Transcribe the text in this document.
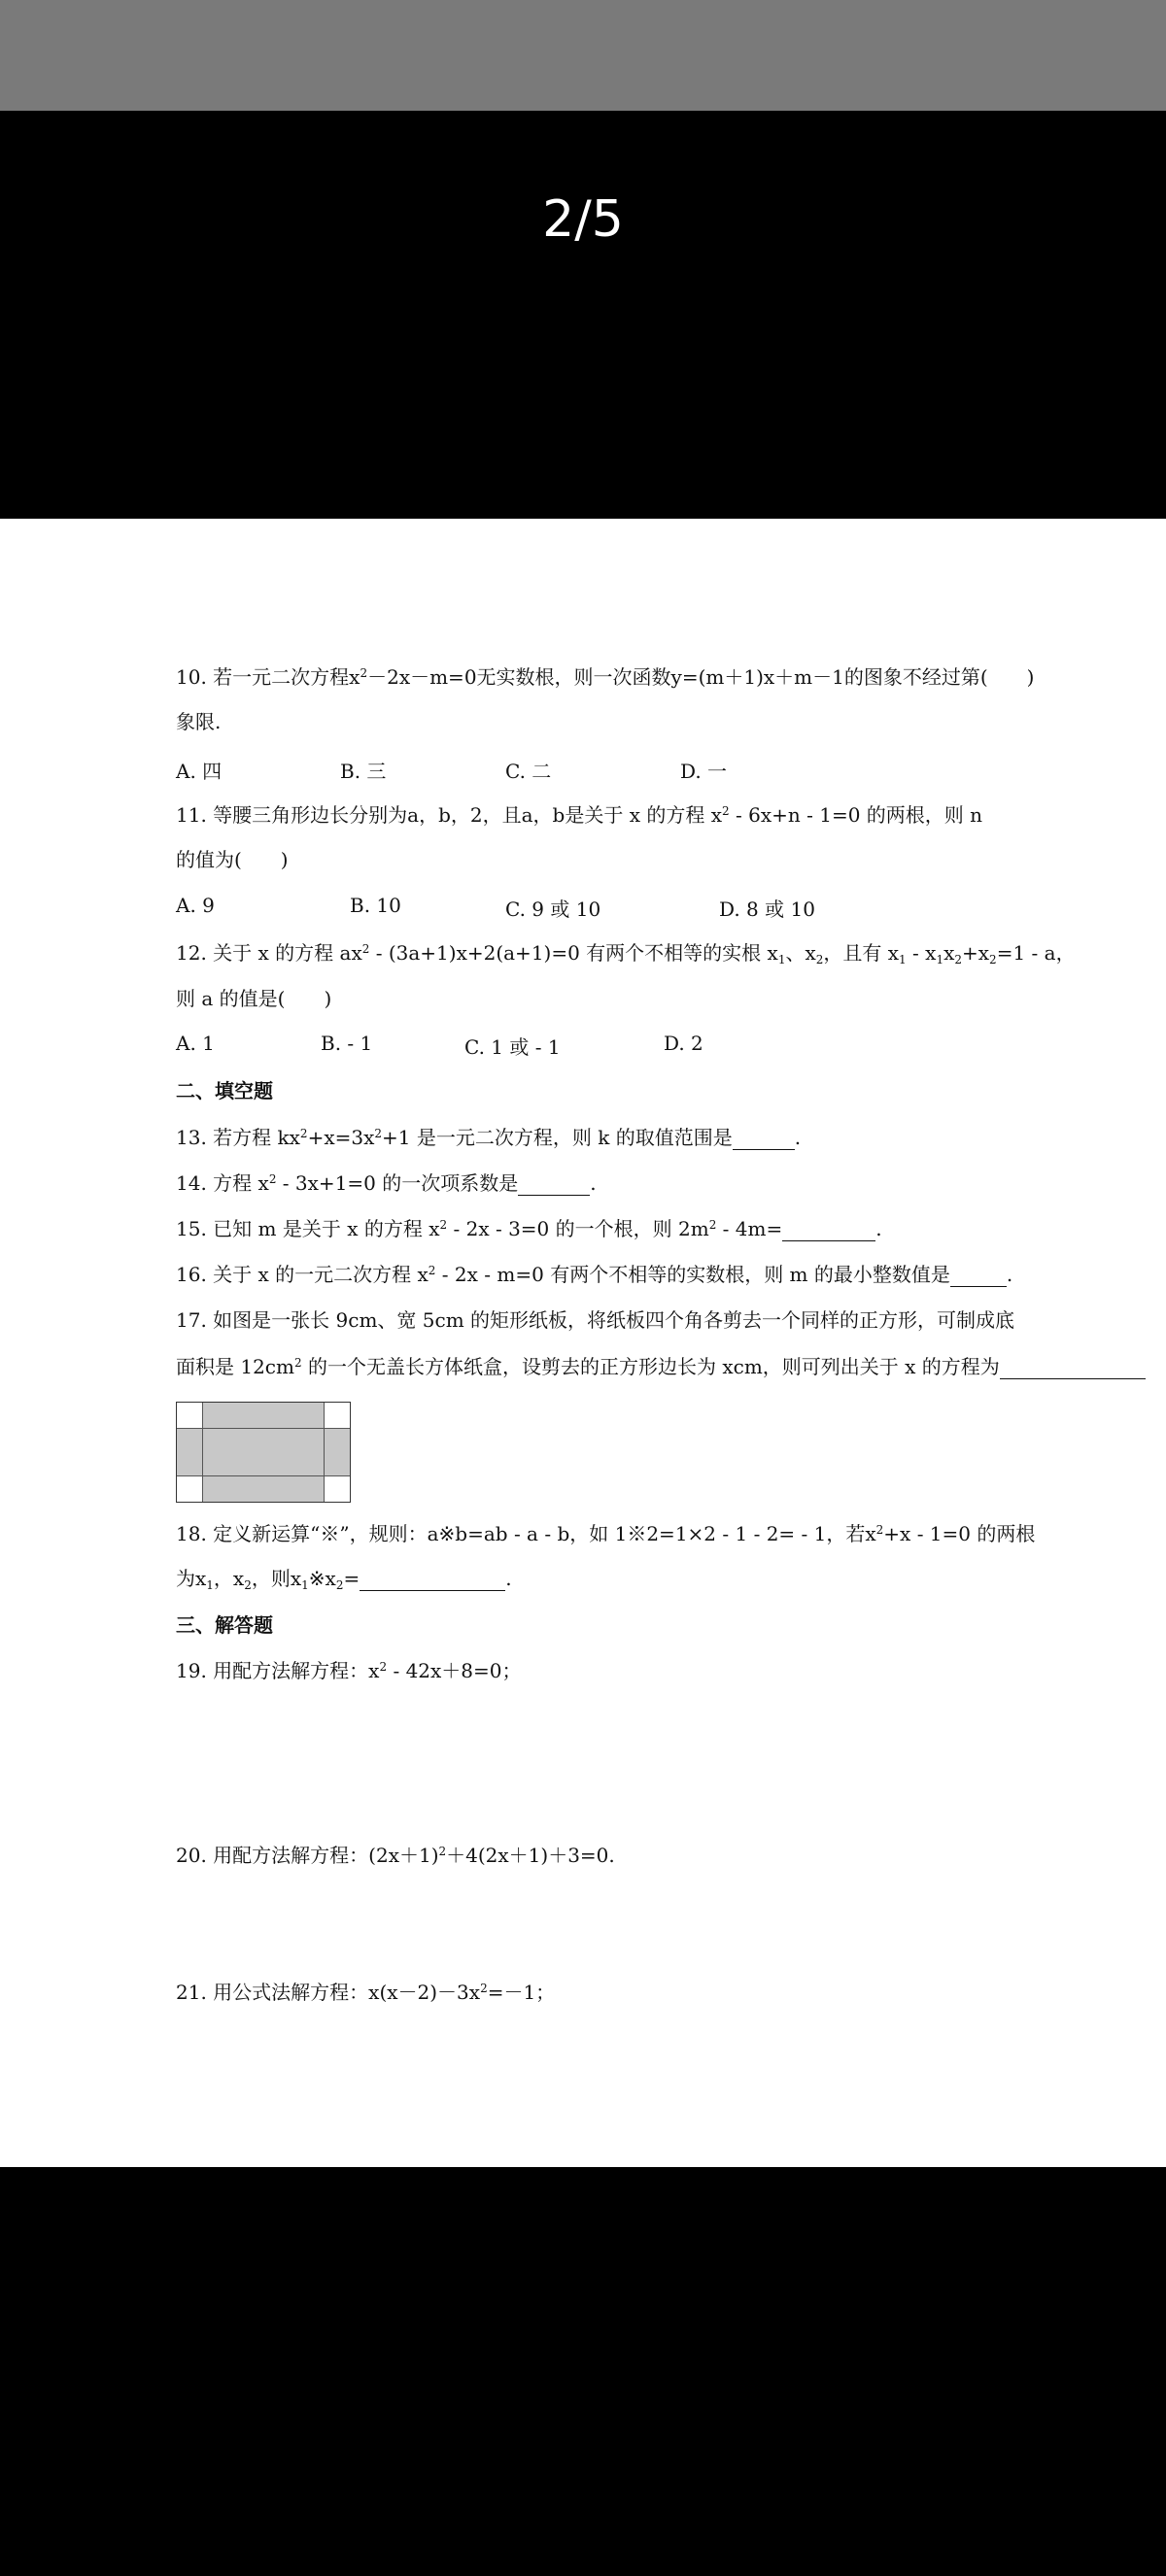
2/5
10. 若一元二次方程$x^2-2x-m=0$无实数根，则一次函数y=(m＋1)x＋m－1的图象不经过第(　　)
象限.
A. 四	B. 三	C. 二	D. 一
11. 等腰三角形边长分别为a，b，2，且a，b是关于 x 的方程 $x^2 - 6x+n - 1=0$ 的两根，则 n
的值为(　　)
A. 9	B. 10	C. 9 或 10	D. 8 或 10
12. 关于 x 的方程 $ax^2 - (3a+1)x+2(a+1)=0$ 有两个不相等的实根 $x_1$、$x_2$，且有 $x_1 - x_1x_2+x_2=1 - a$，
则 a 的值是(　　)
A. 1	B. - 1	C. 1 或 - 1	D. 2
二、填空题
13. 若方程 $kx^2+x=3x^2+1$ 是一元二次方程，则 k 的取值范围是	.
14. 方程 $x^2 - 3x+1=0$ 的一次项系数是	.
15. 已知 m 是关于 x 的方程 $x^2 - 2x - 3=0$ 的一个根，则 $2m^2 - 4m=$	.
16. 关于 x 的一元二次方程 $x^2 - 2x - m=0$ 有两个不相等的实数根，则 m 的最小整数值是	.
17. 如图是一张长 9cm、宽 5cm 的矩形纸板，将纸板四个角各剪去一个同样的正方形，可制成底
面积是 $12cm^2$ 的一个无盖长方体纸盒，设剪去的正方形边长为 xcm，则可列出关于 x 的方程为
18. 定义新运算“※”，规则：a※b=ab - a - b，如 1※2=1×2 - 1 - 2= - 1，若$x^2+x - 1=0$ 的两根
为$x_1$，$x_2$，则$x_1※x_2=$	.
三、解答题
19. 用配方法解方程：$x^2 - 42x+8=0$；
20. 用配方法解方程：$(2x+1)^2+4(2x+1)+3=0$.
21. 用公式法解方程：$x(x-2)-3x^2=-1$；
